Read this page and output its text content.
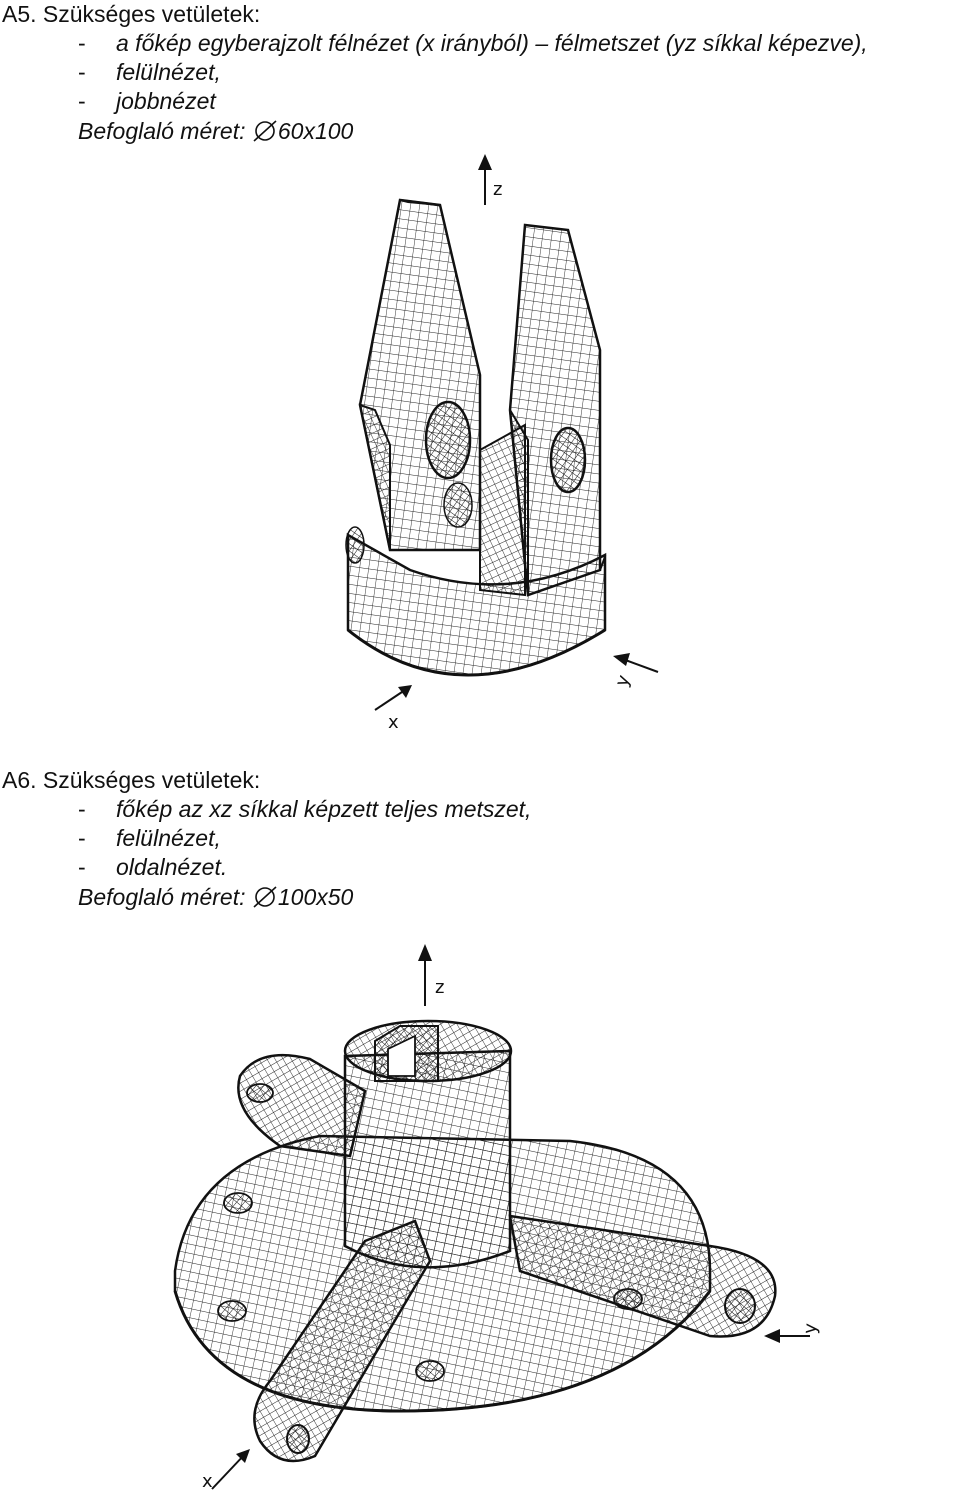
A5. Szükséges vetületek:
- a főkép egyberajzolt félnézet (x irányból) – félmetszet (yz síkkal képezve),
- felülnézet,
- jobbnézet
Befoglaló méret: 60x100
z
y
x
A6. Szükséges vetületek:
- főkép az xz síkkal képzett teljes metszet,
- felülnézet,
- oldalnézet.
Befoglaló méret: 100x50
z
y
x
